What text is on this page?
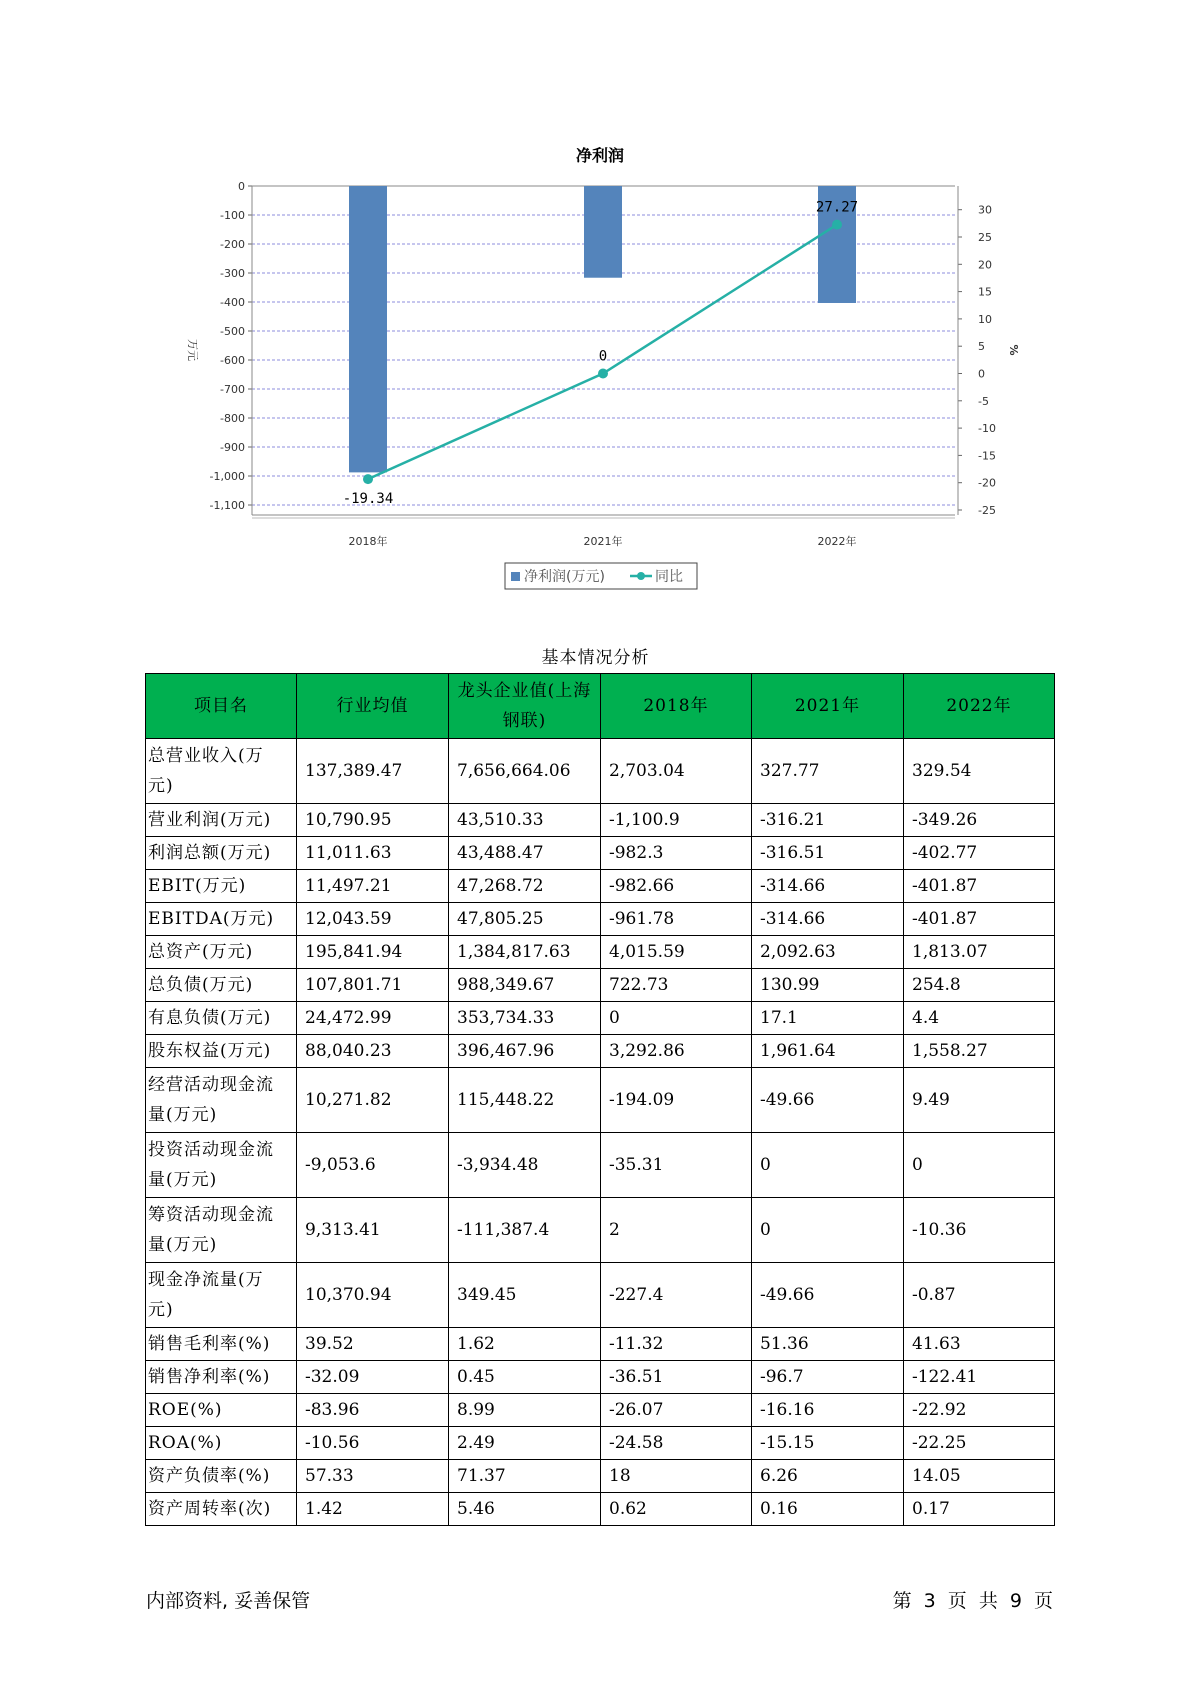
净利润
0
-100
-200
-300
-400
-500
-600
-700
-800
-900
-1,000
-1,100
30
25
20
15
10
5
0
-5
-10
-15
-20
-25
万元	%
2018年	2021年	2022年
-19.34
0
27.27
净利润(万元)	同比
基本情况分析
项目名	行业均值	龙头企业值(上海钢联)	2018年	2021年	2022年
总营业收入(万元)	137,389.47	7,656,664.06	2,703.04	327.77	329.54
营业利润(万元)	10,790.95	43,510.33	-1,100.9	-316.21	-349.26
利润总额(万元)	11,011.63	43,488.47	-982.3	-316.51	-402.77
EBIT(万元)	11,497.21	47,268.72	-982.66	-314.66	-401.87
EBITDA(万元)	12,043.59	47,805.25	-961.78	-314.66	-401.87
总资产(万元)	195,841.94	1,384,817.63	4,015.59	2,092.63	1,813.07
总负债(万元)	107,801.71	988,349.67	722.73	130.99	254.8
有息负债(万元)	24,472.99	353,734.33	0	17.1	4.4
股东权益(万元)	88,040.23	396,467.96	3,292.86	1,961.64	1,558.27
经营活动现金流量(万元)	10,271.82	115,448.22	-194.09	-49.66	9.49
投资活动现金流量(万元)	-9,053.6	-3,934.48	-35.31	0	0
筹资活动现金流量(万元)	9,313.41	-111,387.4	2	0	-10.36
现金净流量(万元)	10,370.94	349.45	-227.4	-49.66	-0.87
销售毛利率(%)	39.52	1.62	-11.32	51.36	41.63
销售净利率(%)	-32.09	0.45	-36.51	-96.7	-122.41
ROE(%)	-83.96	8.99	-26.07	-16.16	-22.92
ROA(%)	-10.56	2.49	-24.58	-15.15	-22.25
资产负债率(%)	57.33	71.37	18	6.26	14.05
资产周转率(次)	1.42	5.46	0.62	0.16	0.17
内部资料, 妥善保管	第 3 页 共 9 页
